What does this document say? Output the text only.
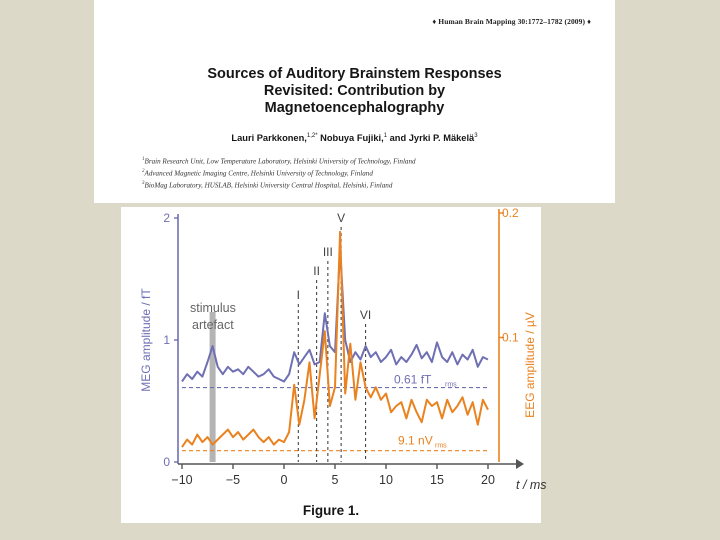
♦ Human Brain Mapping 30:1772–1782 (2009) ♦
Sources of Auditory Brainstem Responses
Revisited: Contribution by
Magnetoencephalography
Lauri Parkkonen,$^{1,2*}$ Nobuya Fujiki,$^1$ and Jyrki P. Mäkelä$^3$
$^1$Brain Research Unit, Low Temperature Laboratory, Helsinki University of Technology, Finland
$^2$Advanced Magnetic Imaging Centre, Helsinki University of Technology, Finland
$^3$BioMag Laboratory, HUSLAB, Helsinki University Central Hospital, Helsinki, Finland
stimulus
artefact
0.61 fT rms
9.1 nV rms
I
II
III
V
VI
0
1
2
MEG amplitude / fT	0.1
0.2
EEG amplitude / µV
−10	−5	0	5	10	15	20 t / ms
Figure 1.
